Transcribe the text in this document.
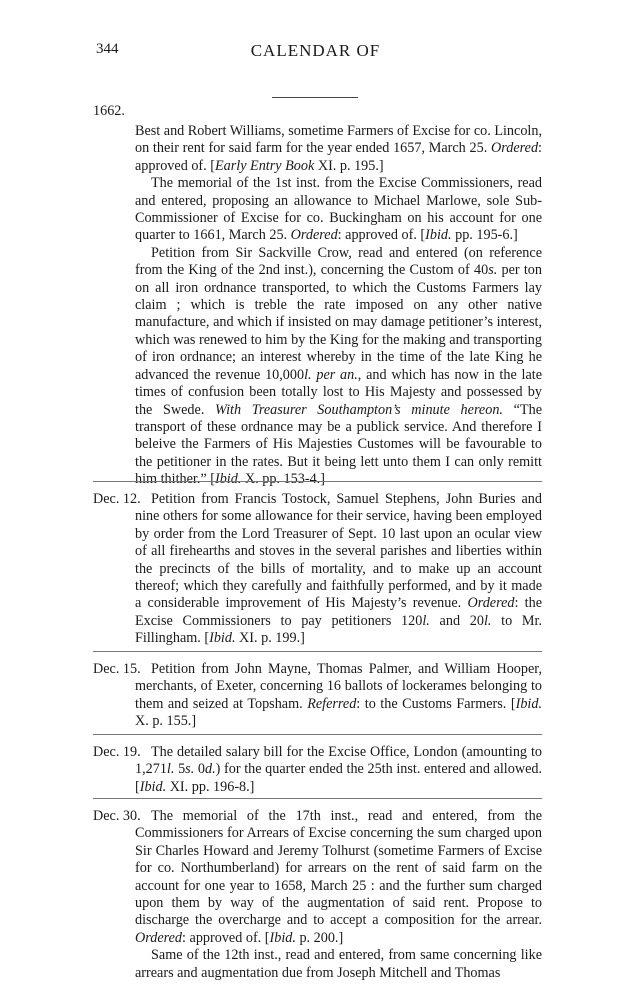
344	CALENDAR OF
1662.

Best and Robert Williams, sometime Farmers of Excise for co. Lincoln, on their rent for said farm for the year ended 1657, March 25. Ordered: approved of. [Early Entry Book XI. p. 195.]

The memorial of the 1st inst. from the Excise Commissioners, read and entered, proposing an allowance to Michael Marlowe, sole Sub-Commissioner of Excise for co. Buckingham on his account for one quarter to 1661, March 25. Ordered: approved of. [Ibid. pp. 195-6.]

Petition from Sir Sackville Crow, read and entered (on reference from the King of the 2nd inst.), concerning the Custom of 40s. per ton on all iron ordnance transported, to which the Customs Farmers lay claim ; which is treble the rate imposed on any other native manufacture, and which if insisted on may damage petitioner’s interest, which was renewed to him by the King for the making and transporting of iron ordnance; an interest whereby in the time of the late King he advanced the revenue 10,000l. per an., and which has now in the late times of confusion been totally lost to His Majesty and possessed by the Swede. With Treasurer Southampton’s minute hereon. “The transport of these ordnance may be a publick service. And therefore I beleive the Farmers of His Majesties Customes will be favourable to the petitioner in the rates. But it being lett unto them I can only remitt him thither.” [Ibid. X. pp. 153-4.]

Dec. 12. Petition from Francis Tostock, Samuel Stephens, John Buries and nine others for some allowance for their service, having been employed by order from the Lord Treasurer of Sept. 10 last upon an ocular view of all firehearths and stoves in the several parishes and liberties within the precincts of the bills of mortality, and to make up an account thereof; which they carefully and faithfully performed, and by it made a considerable improvement of His Majesty’s revenue. Ordered: the Excise Commissioners to pay petitioners 120l. and 20l. to Mr. Fillingham. [Ibid. XI. p. 199.]

Dec. 15. Petition from John Mayne, Thomas Palmer, and William Hooper, merchants, of Exeter, concerning 16 ballots of lockerames belonging to them and seized at Topsham. Referred: to the Customs Farmers. [Ibid. X. p. 155.]

Dec. 19. The detailed salary bill for the Excise Office, London (amounting to 1,271l. 5s. 0d.) for the quarter ended the 25th inst. entered and allowed. [Ibid. XI. pp. 196-8.]

Dec. 30. The memorial of the 17th inst., read and entered, from the Commissioners for Arrears of Excise concerning the sum charged upon Sir Charles Howard and Jeremy Tolhurst (sometime Farmers of Excise for co. Northumberland) for arrears on the rent of said farm on the account for one year to 1658, March 25 : and the further sum charged upon them by way of the augmentation of said rent. Propose to discharge the overcharge and to accept a composition for the arrear. Ordered: approved of. [Ibid. p. 200.]

Same of the 12th inst., read and entered, from same concerning like arrears and augmentation due from Joseph Mitchell and Thomas
